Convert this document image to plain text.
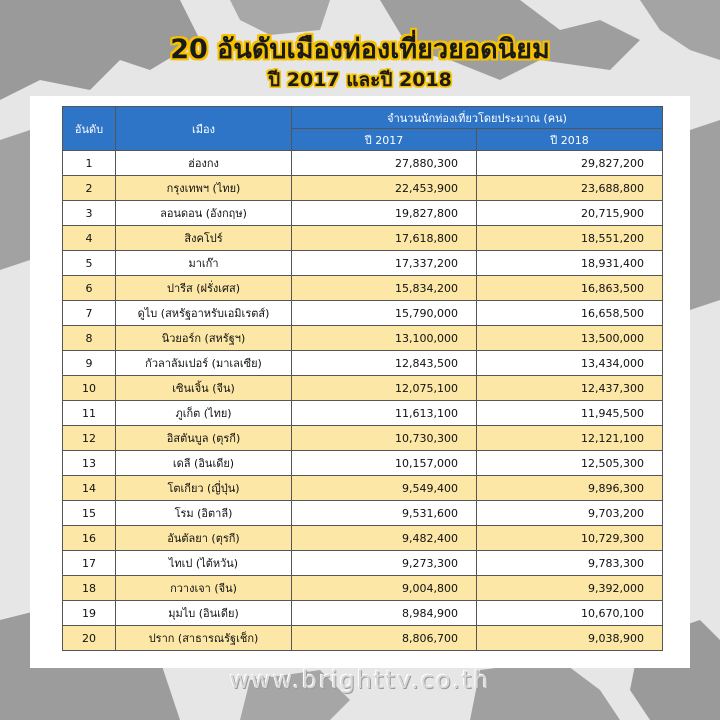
20 อันดับเมืองท่องเที่ยวยอดนิยม
ปี 2017 และปี 2018
อันดับ	เมือง	จำนวนนักท่องเที่ยวโดยประมาณ (คน)	
		ปี 2017	ปี 2018
1	ฮ่องกง	27,880,300	29,827,200
2	กรุงเทพฯ (ไทย)	22,453,900	23,688,800
3	ลอนดอน (อังกฤษ)	19,827,800	20,715,900
4	สิงคโปร์	17,618,800	18,551,200
5	มาเก๊า	17,337,200	18,931,400
6	ปารีส (ฝรั่งเศส)	15,834,200	16,863,500
7	ดูไบ (สหรัฐอาหรับเอมิเรตส์)	15,790,000	16,658,500
8	นิวยอร์ก (สหรัฐฯ)	13,100,000	13,500,000
9	กัวลาลัมเปอร์ (มาเลเซีย)	12,843,500	13,434,000
10	เซินเจิ้น (จีน)	12,075,100	12,437,300
11	ภูเก็ต (ไทย)	11,613,100	11,945,500
12	อิสตันบูล (ตุรกี)	10,730,300	12,121,100
13	เดลี (อินเดีย)	10,157,000	12,505,300
14	โตเกียว (ญี่ปุ่น)	9,549,400	9,896,300
15	โรม (อิตาลี)	9,531,600	9,703,200
16	อันตัลยา (ตุรกี)	9,482,400	10,729,300
17	ไทเป (ไต้หวัน)	9,273,300	9,783,300
18	กวางเจา (จีน)	9,004,800	9,392,000
19	มุมไบ (อินเดีย)	8,984,900	10,670,100
20	ปราก (สาธารณรัฐเช็ก)	8,806,700	9,038,900
www.brighttv.co.th
